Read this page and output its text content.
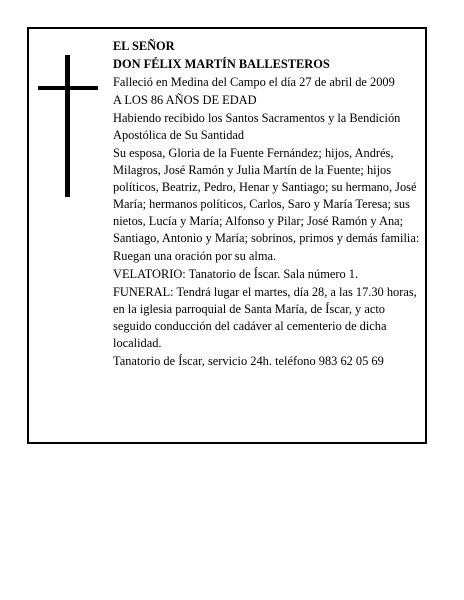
EL SEÑOR

DON FÉLIX MARTÍN BALLESTEROS

Falleció en Medina del Campo el día 27 de abril de 2009

A LOS 86 AÑOS DE EDAD

Habiendo recibido los Santos Sacramentos y la Bendición Apostólica de Su Santidad

Su esposa, Gloria de la Fuente Fernández; hijos, Andrés, Milagros, José Ramón y Julia Martín de la Fuente; hijos políticos, Beatriz, Pedro, Henar y Santiago; su hermano, José María; hermanos políticos, Carlos, Saro y María Teresa; sus nietos, Lucía y María; Alfonso y Pilar; José Ramón y Ana; Santiago, Antonio y María; sobrinos, primos y demás familia:

Ruegan una oración por su alma.

VELATORIO: Tanatorio de Íscar. Sala número 1.

FUNERAL: Tendrá lugar el martes, día 28, a las 17.30 horas, en la iglesia parroquial de Santa María, de Íscar, y acto seguido conducción del cadáver al cementerio de dicha localidad.

Tanatorio de Íscar, servicio 24h. teléfono 983 62 05 69
